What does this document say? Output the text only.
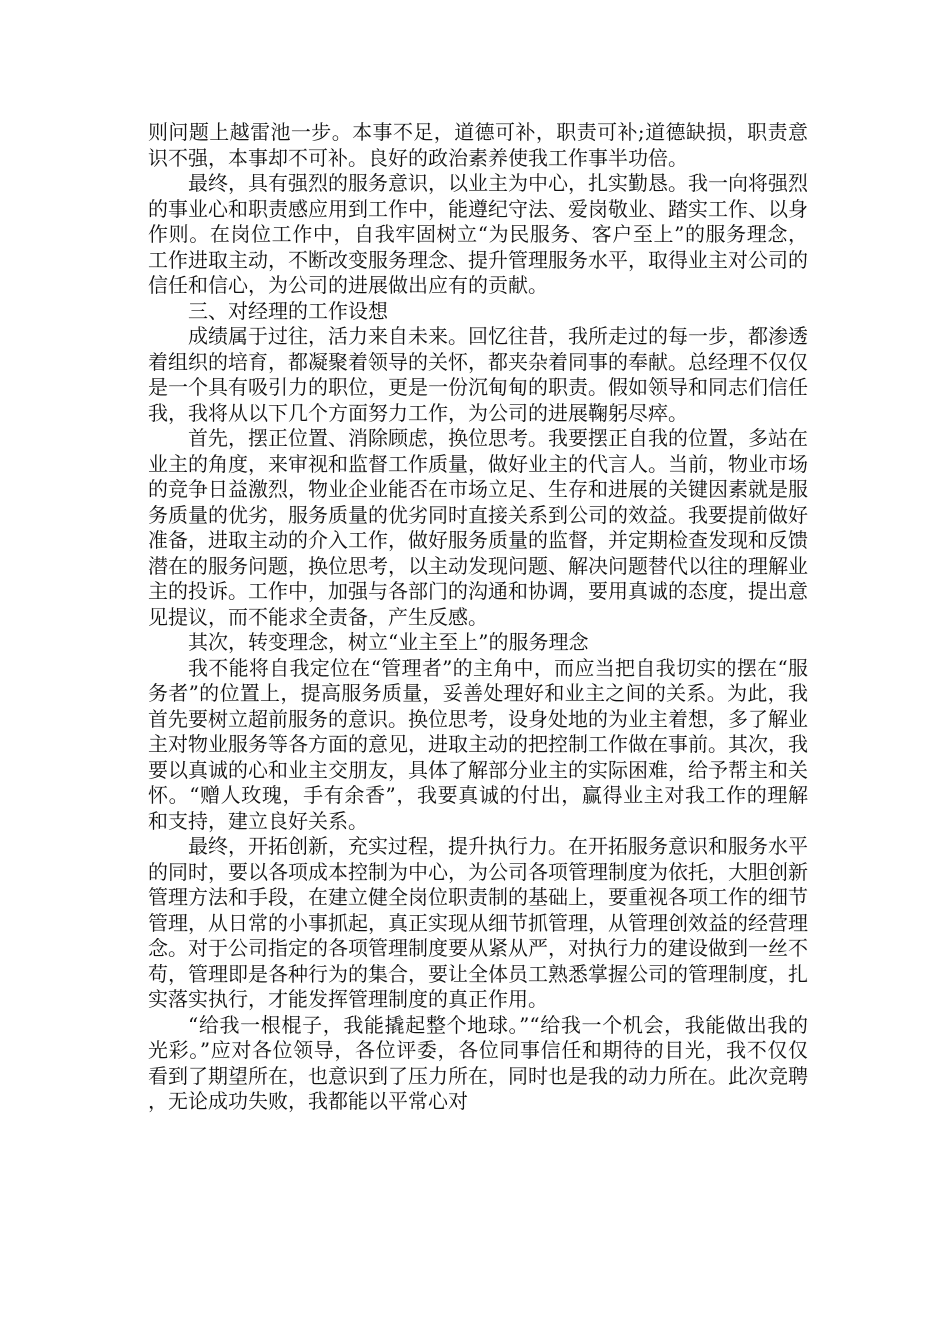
则问题上越雷池一步。本事不足，道德可补，职责可补;道德缺损，职责意识不强，本事却不可补。良好的政治素养使我工作事半功倍。

最终，具有强烈的服务意识，以业主为中心，扎实勤恳。我一向将强烈的事业心和职责感应用到工作中，能遵纪守法、爱岗敬业、踏实工作、以身作则。在岗位工作中，自我牢固树立“为民服务、客户至上”的服务理念，工作进取主动，不断改变服务理念、提升管理服务水平，取得业主对公司的信任和信心，为公司的进展做出应有的贡献。

三、对经理的工作设想

成绩属于过往，活力来自未来。回忆往昔，我所走过的每一步，都渗透着组织的培育，都凝聚着领导的关怀，都夹杂着同事的奉献。总经理不仅仅是一个具有吸引力的职位，更是一份沉甸甸的职责。假如领导和同志们信任我，我将从以下几个方面努力工作，为公司的进展鞠躬尽瘁。

首先，摆正位置、消除顾虑，换位思考。我要摆正自我的位置，多站在业主的角度，来审视和监督工作质量，做好业主的代言人。当前，物业市场的竞争日益激烈，物业企业能否在市场立足、生存和进展的关键因素就是服务质量的优劣，服务质量的优劣同时直接关系到公司的效益。我要提前做好准备，进取主动的介入工作，做好服务质量的监督，并定期检查发现和反馈潜在的服务问题，换位思考，以主动发现问题、解决问题替代以往的理解业主的投诉。工作中，加强与各部门的沟通和协调，要用真诚的态度，提出意见提议，而不能求全责备，产生反感。

其次，转变理念，树立“业主至上”的服务理念

我不能将自我定位在“管理者”的主角中，而应当把自我切实的摆在“服务者”的位置上，提高服务质量，妥善处理好和业主之间的关系。为此，我首先要树立超前服务的意识。换位思考，设身处地的为业主着想，多了解业主对物业服务等各方面的意见，进取主动的把控制工作做在事前。其次，我要以真诚的心和业主交朋友，具体了解部分业主的实际困难，给予帮主和关怀。“赠人玫瑰，手有余香”，我要真诚的付出，赢得业主对我工作的理解和支持，建立良好关系。

最终，开拓创新，充实过程，提升执行力。在开拓服务意识和服务水平的同时，要以各项成本控制为中心，为公司各项管理制度为依托，大胆创新管理方法和手段，在建立健全岗位职责制的基础上，要重视各项工作的细节管理，从日常的小事抓起，真正实现从细节抓管理，从管理创效益的经营理念。对于公司指定的各项管理制度要从紧从严，对执行力的建设做到一丝不苟，管理即是各种行为的集合，要让全体员工熟悉掌握公司的管理制度，扎实落实执行，才能发挥管理制度的真正作用。

“给我一根棍子，我能撬起整个地球。”“给我一个机会，我能做出我的光彩。”应对各位领导，各位评委，各位同事信任和期待的目光，我不仅仅看到了期望所在，也意识到了压力所在，同时也是我的动力所在。此次竞聘，无论成功失败，我都能以平常心对
